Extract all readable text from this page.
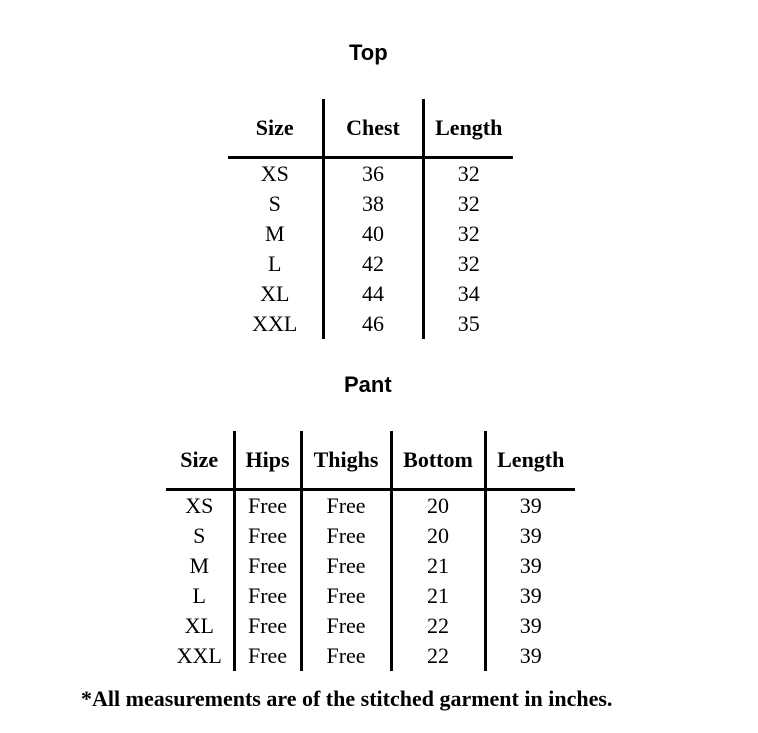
Top
Size	Chest	Length
XS	36	32
S	38	32
M	40	32
L	42	32
XL	44	34
XXL	46	35
Pant
Size	Hips	Thighs	Bottom	Length
XS	Free	Free	20	39
S	Free	Free	20	39
M	Free	Free	21	39
L	Free	Free	21	39
XL	Free	Free	22	39
XXL	Free	Free	22	39
*All measurements are of the stitched garment in inches.
